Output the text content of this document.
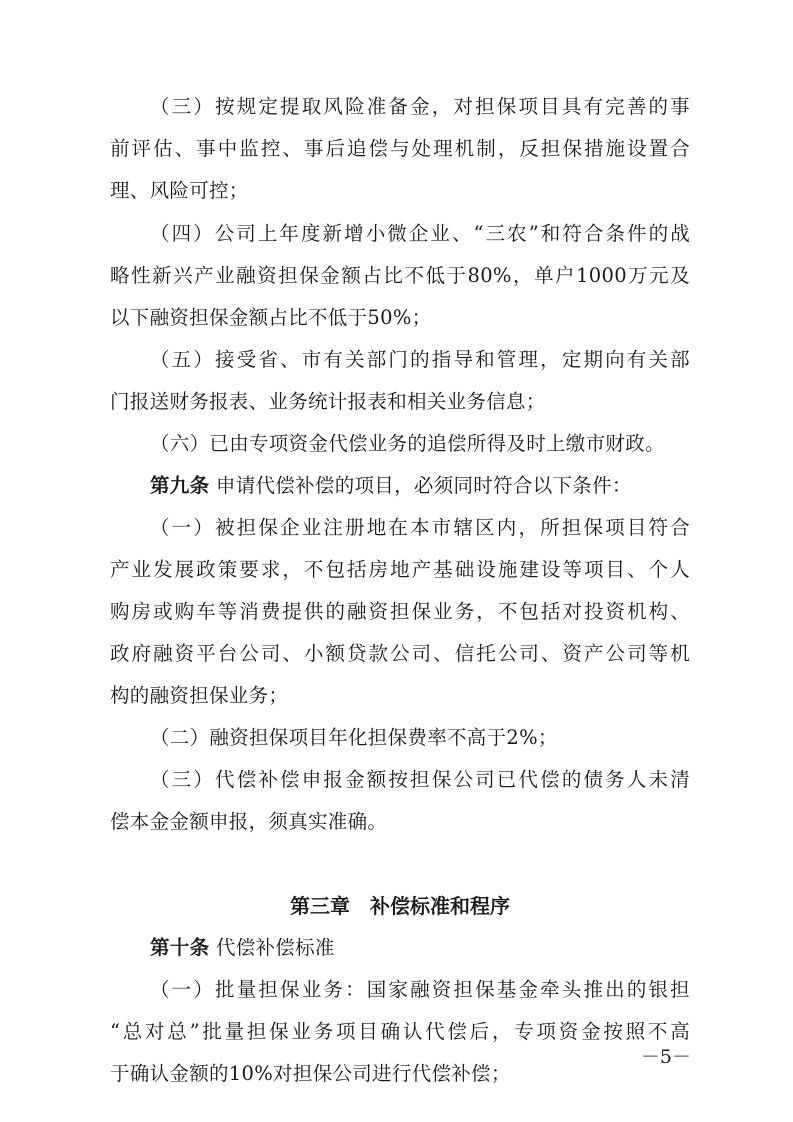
（三）按规定提取风险准备金，对担保项目具有完善的事
前评估、事中监控、事后追偿与处理机制，反担保措施设置合
理、风险可控；
（四）公司上年度新增小微企业、“三农”和符合条件的战
略性新兴产业融资担保金额占比不低于80%，单户1000万元及
以下融资担保金额占比不低于50%；
（五）接受省、市有关部门的指导和管理，定期向有关部
门报送财务报表、业务统计报表和相关业务信息；
（六）已由专项资金代偿业务的追偿所得及时上缴市财政。
第九条 申请代偿补偿的项目，必须同时符合以下条件：
（一）被担保企业注册地在本市辖区内，所担保项目符合
产业发展政策要求，不包括房地产基础设施建设等项目、个人
购房或购车等消费提供的融资担保业务，不包括对投资机构、
政府融资平台公司、小额贷款公司、信托公司、资产公司等机
构的融资担保业务；
（二）融资担保项目年化担保费率不高于2%；
（三）代偿补偿申报金额按担保公司已代偿的债务人未清
偿本金金额申报，须真实准确。
第三章　补偿标准和程序
第十条 代偿补偿标准
（一）批量担保业务：国家融资担保基金牵头推出的银担
“总对总”批量担保业务项目确认代偿后，专项资金按照不高
于确认金额的10%对担保公司进行代偿补偿；
－5－
